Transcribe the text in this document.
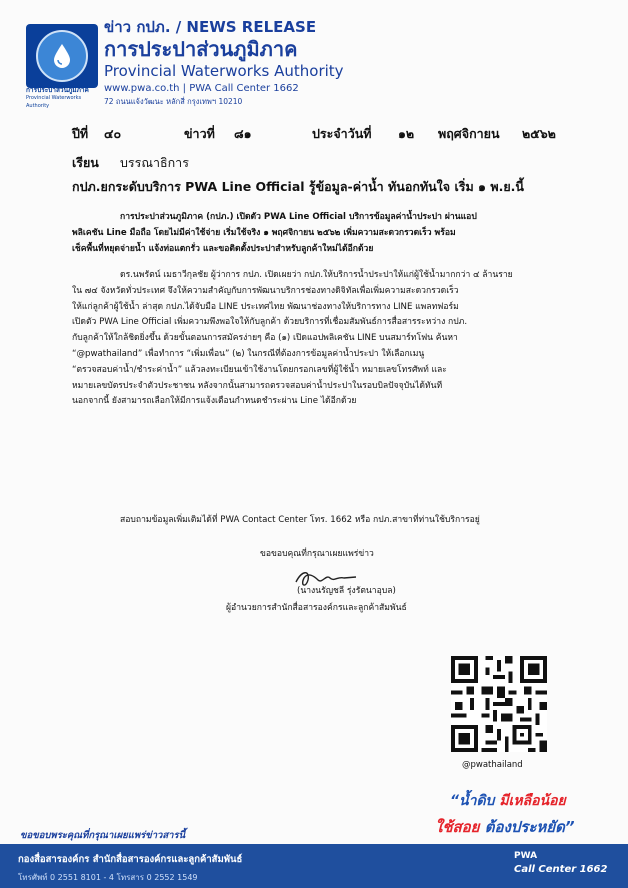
การประปาส่วนภูมิภาค
Provincial Waterworks Authority
ข่าว กปภ. / NEWS RELEASE
การประปาส่วนภูมิภาค
Provincial Waterworks Authority
www.pwa.co.th | PWA Call Center 1662
72 ถนนแจ้งวัฒนะ หลักสี่ กรุงเทพฯ 10210
ปีที่ ๔๐	ข่าวที่ ๘๑	ประจำวันที่ ๑๒ พฤศจิกายน ๒๕๖๒
เรียน บรรณาธิการ
กปภ.ยกระดับบริการ PWA Line Official รู้ข้อมูล-ค่าน้ำ ทันอกทันใจ เริ่ม ๑ พ.ย.นี้
การประปาส่วนภูมิภาค (กปภ.) เปิดตัว PWA Line Official บริการข้อมูลค่าน้ำประปา ผ่านแอป
พลิเคชัน Line มือถือ โดยไม่มีค่าใช้จ่าย เริ่มใช้จริง ๑ พฤศจิกายน ๒๕๖๒ เพิ่มความสะดวกรวดเร็ว พร้อม
เช็คพื้นที่หยุดจ่ายน้ำ แจ้งท่อแตกรั่ว และขอติดตั้งประปาสำหรับลูกค้าใหม่ได้อีกด้วย
ดร.นพรัตน์ เมธาวีกุลชัย ผู้ว่าการ กปภ. เปิดเผยว่า กปภ.ให้บริการน้ำประปาให้แก่ผู้ใช้น้ำมากกว่า ๔ ล้านราย
ใน ๗๔ จังหวัดทั่วประเทศ จึงให้ความสำคัญกับการพัฒนาบริการช่องทางดิจิทัลเพื่อเพิ่มความสะดวกรวดเร็ว
ให้แก่ลูกค้าผู้ใช้น้ำ ล่าสุด กปภ.ได้จับมือ LINE ประเทศไทย พัฒนาช่องทางให้บริการทาง LINE แพลทฟอร์ม
เปิดตัว PWA Line Official เพิ่มความพึงพอใจให้กับลูกค้า ด้วยบริการที่เชื่อมสัมพันธ์การสื่อสารระหว่าง กปภ.
กับลูกค้าให้ใกล้ชิดยิ่งขึ้น ด้วยขั้นตอนการสมัครง่ายๆ คือ (๑) เปิดแอปพลิเคชัน LINE บนสมาร์ทโฟน ค้นหา
“@pwathailand” เพื่อทำการ “เพิ่มเพื่อน” (๒) ในกรณีที่ต้องการข้อมูลค่าน้ำประปา ให้เลือกเมนู
“ตรวจสอบค่าน้ำ/ชำระค่าน้ำ” แล้วลงทะเบียนเข้าใช้งานโดยกรอกเลขที่ผู้ใช้น้ำ หมายเลขโทรศัพท์ และ
หมายเลขบัตรประจำตัวประชาชน หลังจากนั้นสามารถตรวจสอบค่าน้ำประปาในรอบบิลปัจจุบันได้ทันที
นอกจากนี้ ยังสามารถเลือกให้มีการแจ้งเตือนกำหนดชำระผ่าน Line ได้อีกด้วย
สอบถามข้อมูลเพิ่มเติมได้ที่ PWA Contact Center โทร. 1662 หรือ กปภ.สาขาที่ท่านใช้บริการอยู่
ขอขอบคุณที่กรุณาเผยแพร่ข่าว
(นางนรัญชลี รุ่งรัตนาอุบล)
ผู้อำนวยการสำนักสื่อสารองค์กรและลูกค้าสัมพันธ์
@pwathailand
“น้ำดิบ มีเหลือน้อย
ใช้สอย ต้องประหยัด”
ขอขอบพระคุณที่กรุณาเผยแพร่ข่าวสารนี้
กองสื่อสารองค์กร สำนักสื่อสารองค์กรและลูกค้าสัมพันธ์
โทรศัพท์ 0 2551 8101 - 4 โทรสาร 0 2552 1549
PWA
Call Center 1662
